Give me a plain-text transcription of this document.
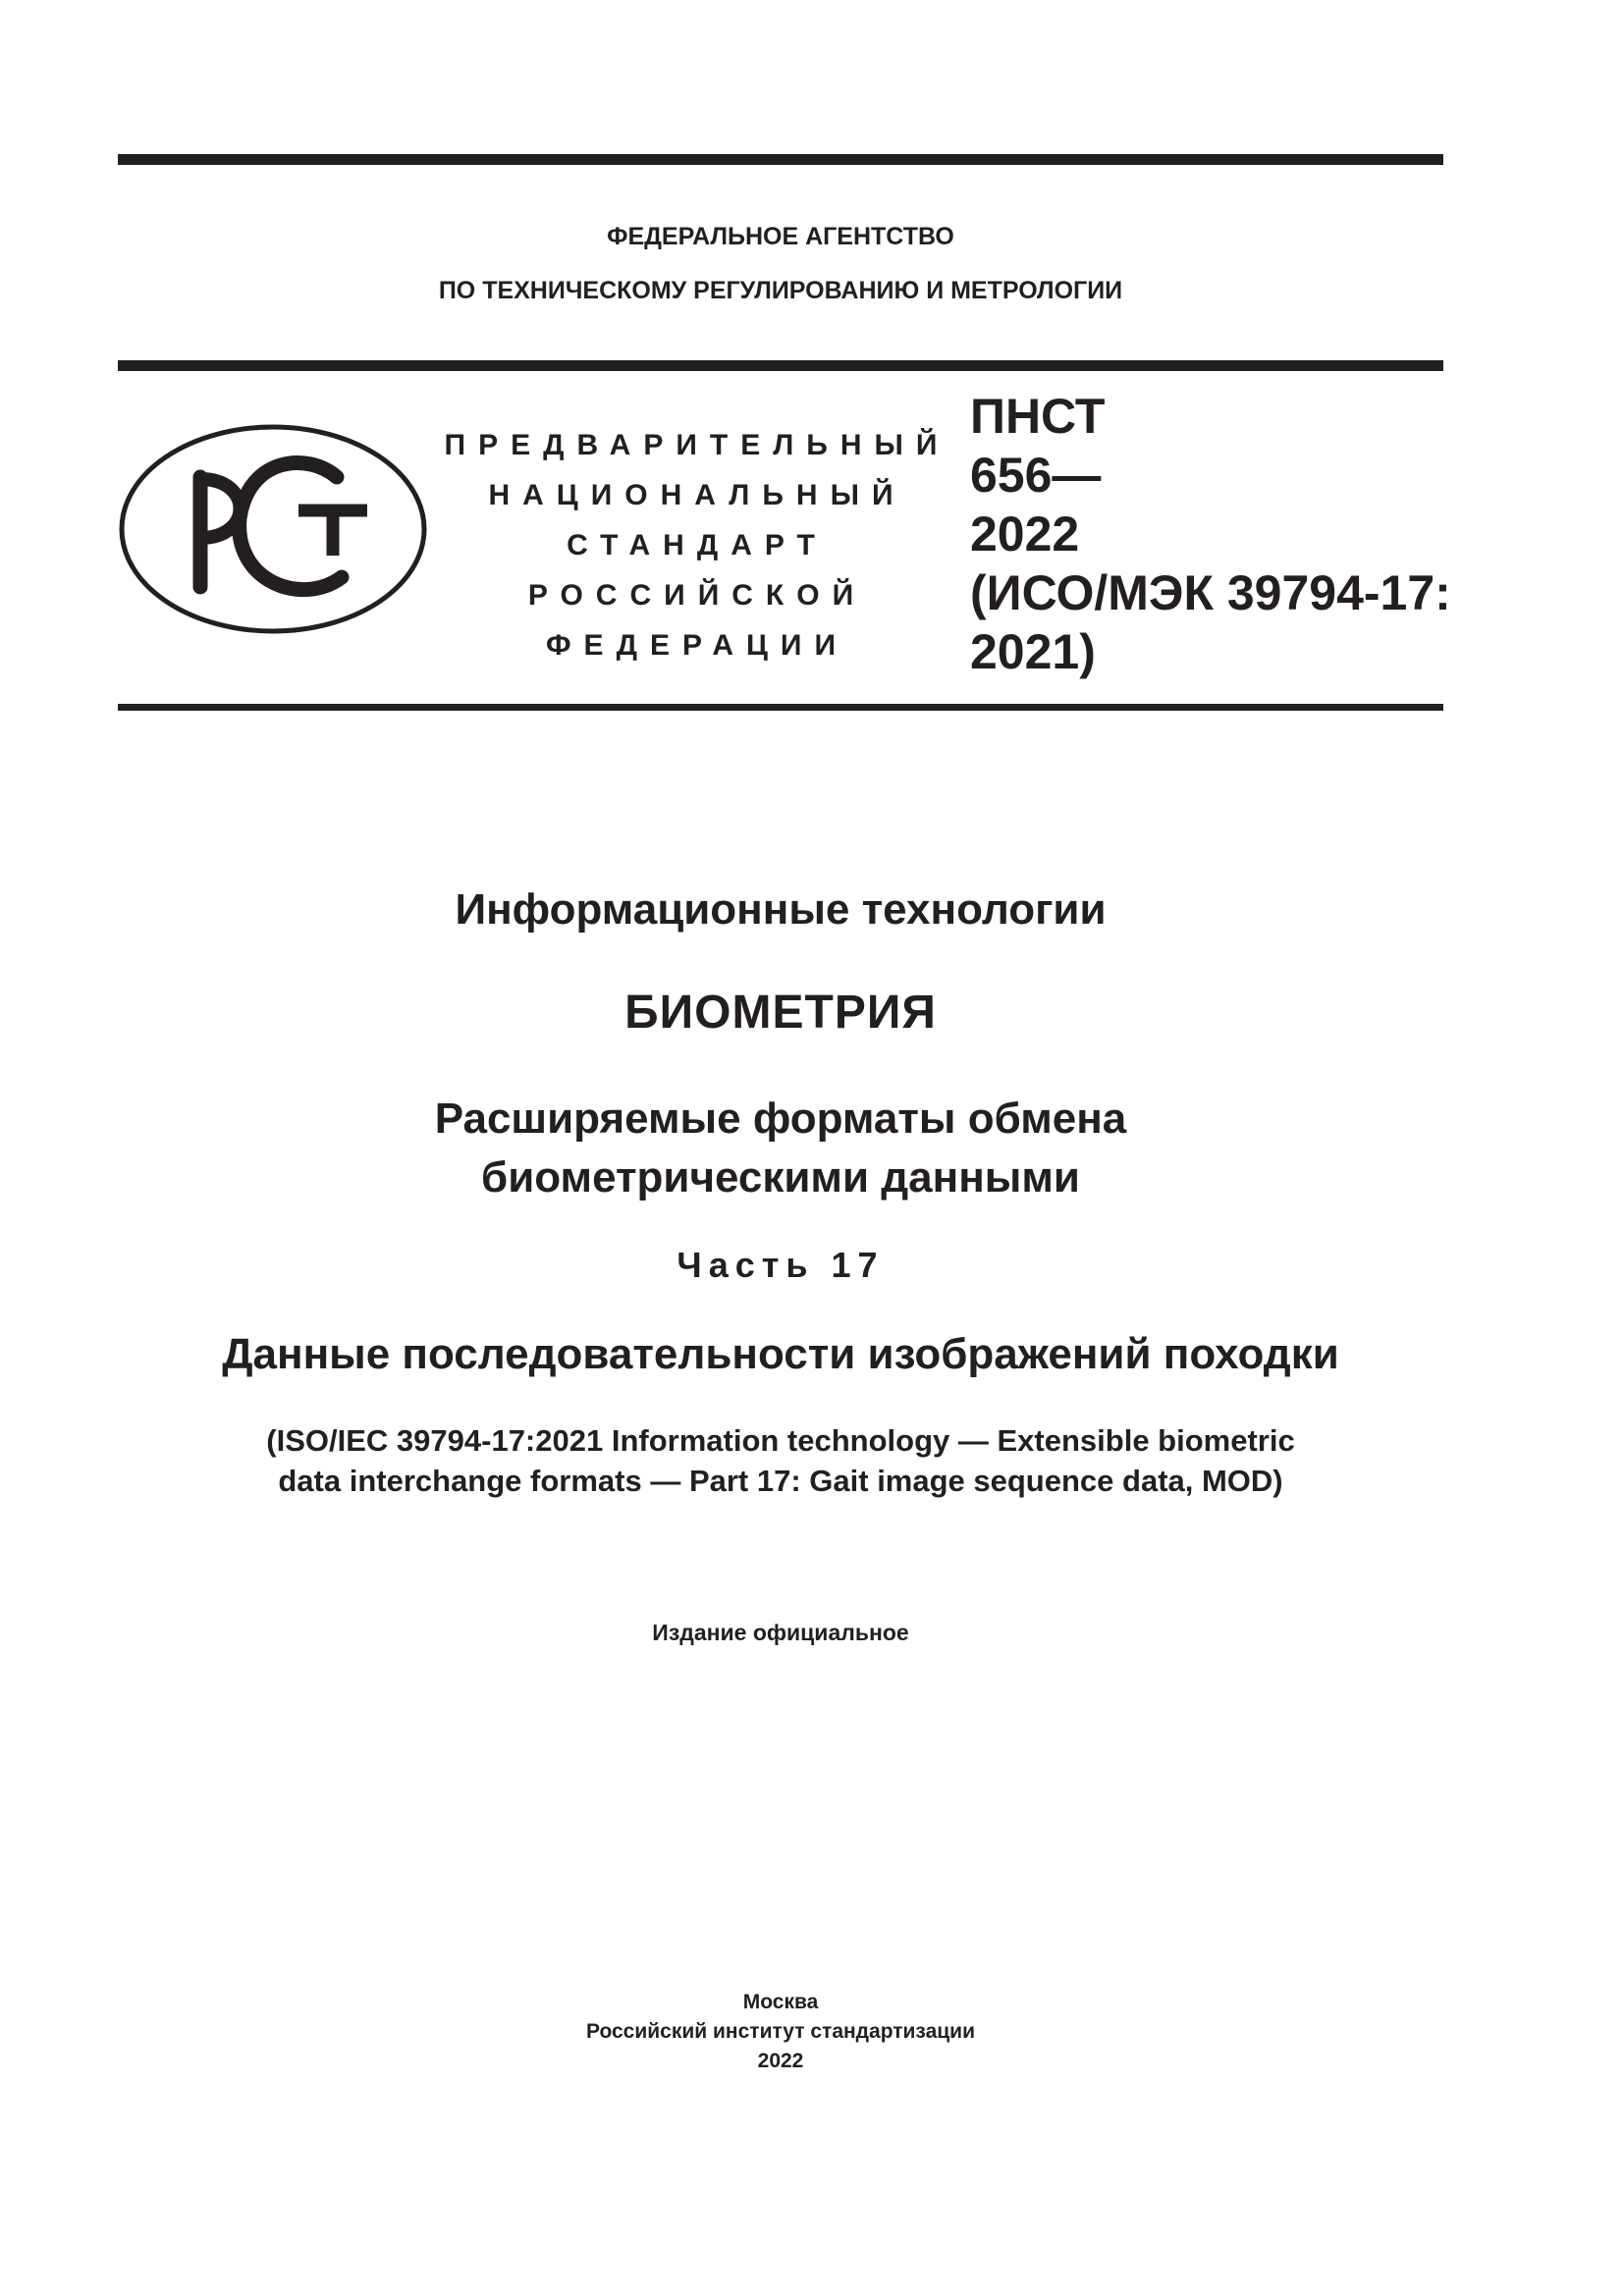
ФЕДЕРАЛЬНОЕ АГЕНТСТВО
ПО ТЕХНИЧЕСКОМУ РЕГУЛИРОВАНИЮ И МЕТРОЛОГИИ
ПРЕДВАРИТЕЛЬНЫЙ
НАЦИОНАЛЬНЫЙ
СТАНДАРТ
РОССИЙСКОЙ
ФЕДЕРАЦИИ
ПНСТ
656—
2022
(ИСО/МЭК 39794-17:
2021)
Информационные технологии
БИОМЕТРИЯ
Расширяемые форматы обмена
биометрическими данными
Часть 17
Данные последовательности изображений походки
(ISO/IEC 39794-17:2021 Information technology — Extensible biometric
data interchange formats — Part 17: Gait image sequence data, MOD)
Издание официальное
Москва
Российский институт стандартизации
2022
